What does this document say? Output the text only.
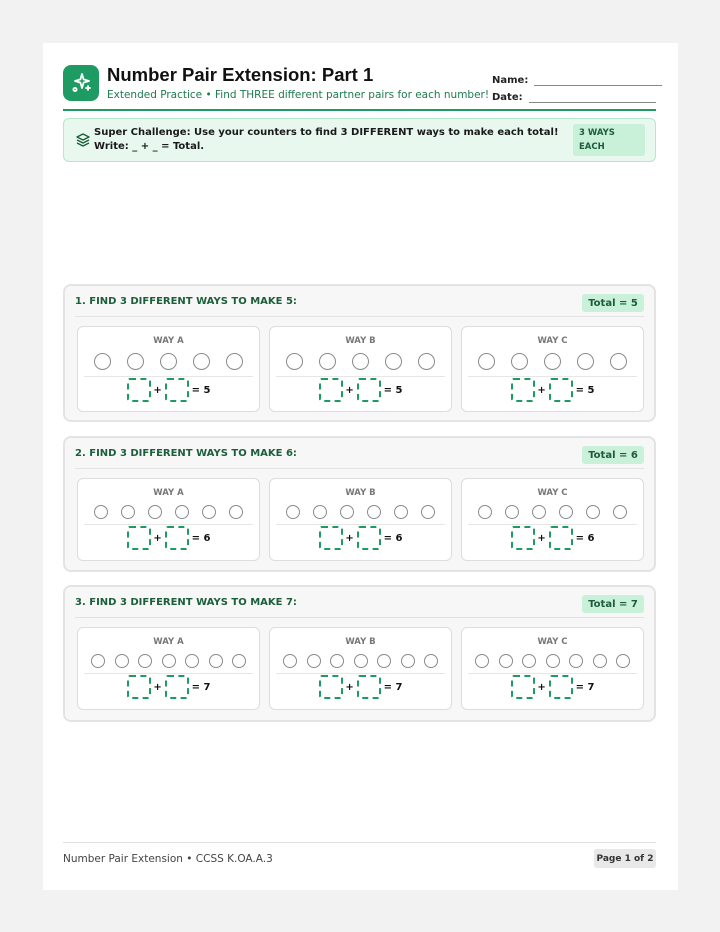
Number Pair Extension: Part 1
Extended Practice • Find THREE different partner pairs for each number!
Name:
Date:
Super Challenge: Use your counters to find 3 DIFFERENT ways to make each total! Write: _ + _ = Total.
3 WAYS EACH
1. FIND 3 DIFFERENT WAYS TO MAKE 5:	Total = 5
WAY A
+	= 5
WAY B
+	= 5
WAY C
+	= 5
2. FIND 3 DIFFERENT WAYS TO MAKE 6:	Total = 6
WAY A
+	= 6
WAY B
+	= 6
WAY C
+	= 6
3. FIND 3 DIFFERENT WAYS TO MAKE 7:	Total = 7
WAY A
+	= 7
WAY B
+	= 7
WAY C
+	= 7
Number Pair Extension • CCSS K.OA.A.3	Page 1 of 2
